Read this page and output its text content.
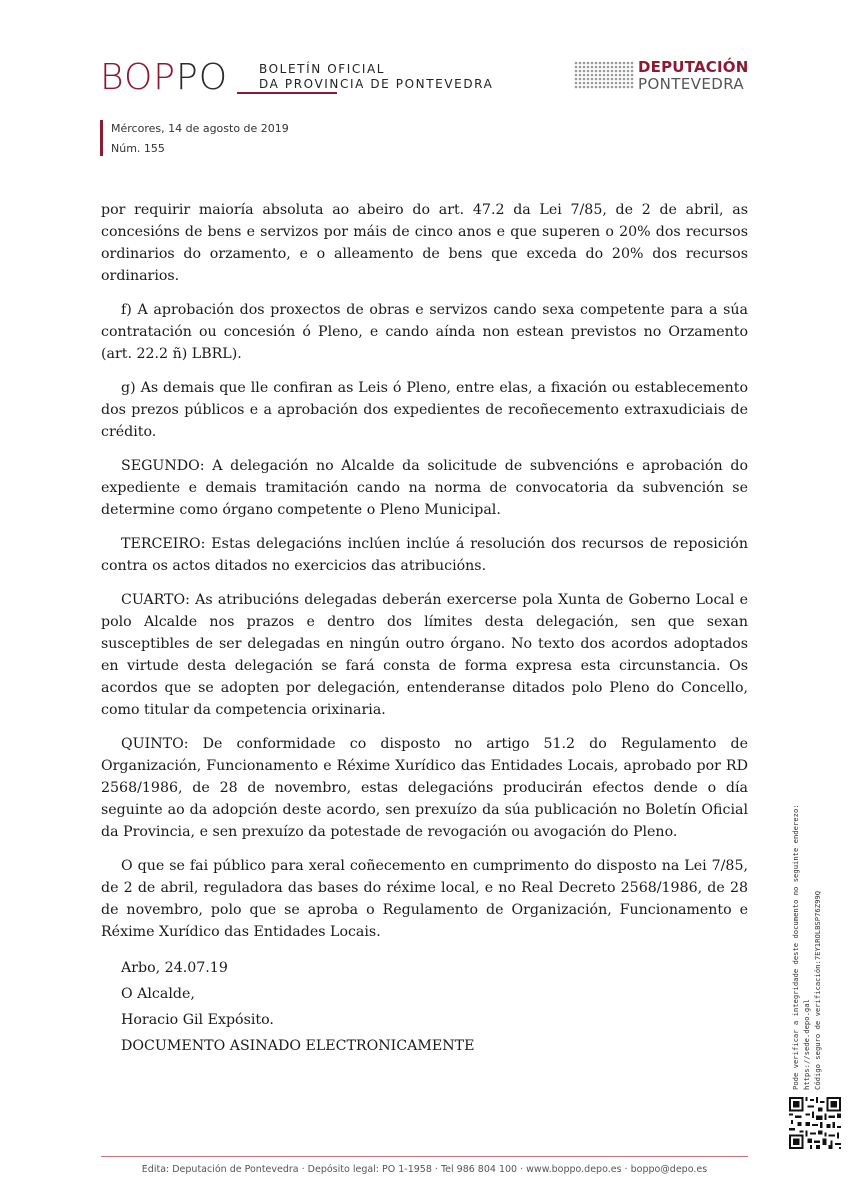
BOPPO	BOLETÍN OFICIAL
DA PROVINCIA DE PONTEVEDRA
DEPUTACIÓN
PONTEVEDRA
Mércores, 14 de agosto de 2019
Núm. 155

por requirir maioría absoluta ao abeiro do art. 47.2 da Lei 7/85, de 2 de abril, as concesións de bens e servizos por máis de cinco anos e que superen o 20% dos recursos ordinarios do orzamento, e o alleamento de bens que exceda do 20% dos recursos ordinarios.

f) A aprobación dos proxectos de obras e servizos cando sexa competente para a súa contratación ou concesión ó Pleno, e cando aínda non estean previstos no Orzamento (art. 22.2 ñ) LBRL).

g) As demais que lle confiran as Leis ó Pleno, entre elas, a fixación ou establecemento dos prezos públicos e a aprobación dos expedientes de recoñecemento extraxudiciais de crédito.

SEGUNDO: A delegación no Alcalde da solicitude de subvencións e aprobación do expediente e demais tramitación cando na norma de convocatoria da subvención se determine como órgano competente o Pleno Municipal.

TERCEIRO: Estas delegacións inclúen inclúe á resolución dos recursos de reposición contra os actos ditados no exercicios das atribucións.

CUARTO: As atribucións delegadas deberán exercerse pola Xunta de Goberno Local e polo Alcalde nos prazos e dentro dos límites desta delegación, sen que sexan susceptibles de ser delegadas en ningún outro órgano. No texto dos acordos adoptados en virtude desta delegación se fará consta de forma expresa esta circunstancia. Os acordos que se adopten por delegación, entenderanse ditados polo Pleno do Concello, como titular da competencia orixinaria.

QUINTO: De conformidade co disposto no artigo 51.2 do Regulamento de Organización, Funcionamento e Réxime Xurídico das Entidades Locais, aprobado por RD 2568/1986, de 28 de novembro, estas delegacións producirán efectos dende o día seguinte ao da adopción deste acordo, sen prexuízo da súa publicación no Boletín Oficial da Provincia, e sen prexuízo da potestade de revogación ou avogación do Pleno.

O que se fai público para xeral coñecemento en cumprimento do disposto na Lei 7/85, de 2 de abril, reguladora das bases do réxime local, e no Real Decreto 2568/1986, de 28 de novembro, polo que se aproba o Regulamento de Organización, Funcionamento e Réxime Xurídico das Entidades Locais.

Arbo, 24.07.19

O Alcalde,

Horacio Gil Expósito.

DOCUMENTO ASINADO ELECTRONICAMENTE	Pode verificar a integridade deste documento no seguinte enderezo: https://sede.depo.gal Código seguro de verificación:7EY1ROLBSP76Z99Q
Edita: Deputación de Pontevedra · Depósito legal: PO 1-1958 · Tel 986 804 100 · www.boppo.depo.es · boppo@depo.es
